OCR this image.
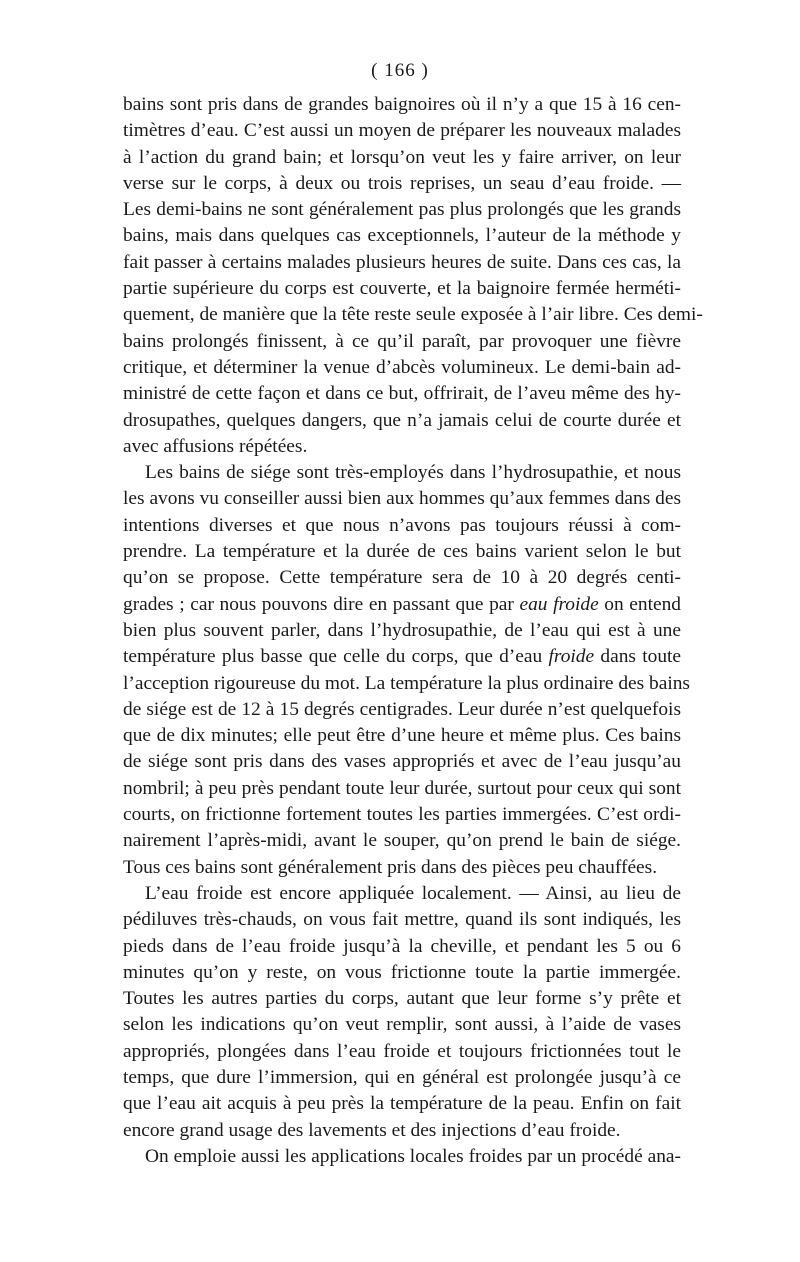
( 166 )
bains sont pris dans de grandes baignoires où il n’y a que 15 à 16 cen-
timètres d’eau. C’est aussi un moyen de préparer les nouveaux malades
à l’action du grand bain; et lorsqu’on veut les y faire arriver, on leur
verse sur le corps, à deux ou trois reprises, un seau d’eau froide. —
Les demi-bains ne sont généralement pas plus prolongés que les grands
bains, mais dans quelques cas exceptionnels, l’auteur de la méthode y
fait passer à certains malades plusieurs heures de suite. Dans ces cas, la
partie supérieure du corps est couverte, et la baignoire fermée herméti-
quement, de manière que la tête reste seule exposée à l’air libre. Ces demi-
bains prolongés finissent, à ce qu’il paraît, par provoquer une fièvre
critique, et déterminer la venue d’abcès volumineux. Le demi-bain ad-
ministré de cette façon et dans ce but, offrirait, de l’aveu même des hy-
drosupathes, quelques dangers, que n’a jamais celui de courte durée et
avec affusions répétées.
Les bains de siége sont très-employés dans l’hydrosupathie, et nous
les avons vu conseiller aussi bien aux hommes qu’aux femmes dans des
intentions diverses et que nous n’avons pas toujours réussi à com-
prendre. La température et la durée de ces bains varient selon le but
qu’on se propose. Cette température sera de 10 à 20 degrés centi-
grades ; car nous pouvons dire en passant que par eau froide on entend
bien plus souvent parler, dans l’hydrosupathie, de l’eau qui est à une
température plus basse que celle du corps, que d’eau froide dans toute
l’acception rigoureuse du mot. La température la plus ordinaire des bains
de siége est de 12 à 15 degrés centigrades. Leur durée n’est quelquefois
que de dix minutes; elle peut être d’une heure et même plus. Ces bains
de siége sont pris dans des vases appropriés et avec de l’eau jusqu’au
nombril; à peu près pendant toute leur durée, surtout pour ceux qui sont
courts, on frictionne fortement toutes les parties immergées. C’est ordi-
nairement l’après-midi, avant le souper, qu’on prend le bain de siége.
Tous ces bains sont généralement pris dans des pièces peu chauffées.
L’eau froide est encore appliquée localement. — Ainsi, au lieu de
pédiluves très-chauds, on vous fait mettre, quand ils sont indiqués, les
pieds dans de l’eau froide jusqu’à la cheville, et pendant les 5 ou 6
minutes qu’on y reste, on vous frictionne toute la partie immergée.
Toutes les autres parties du corps, autant que leur forme s’y prête et
selon les indications qu’on veut remplir, sont aussi, à l’aide de vases
appropriés, plongées dans l’eau froide et toujours frictionnées tout le
temps, que dure l’immersion, qui en général est prolongée jusqu’à ce
que l’eau ait acquis à peu près la température de la peau. Enfin on fait
encore grand usage des lavements et des injections d’eau froide.
On emploie aussi les applications locales froides par un procédé ana-
